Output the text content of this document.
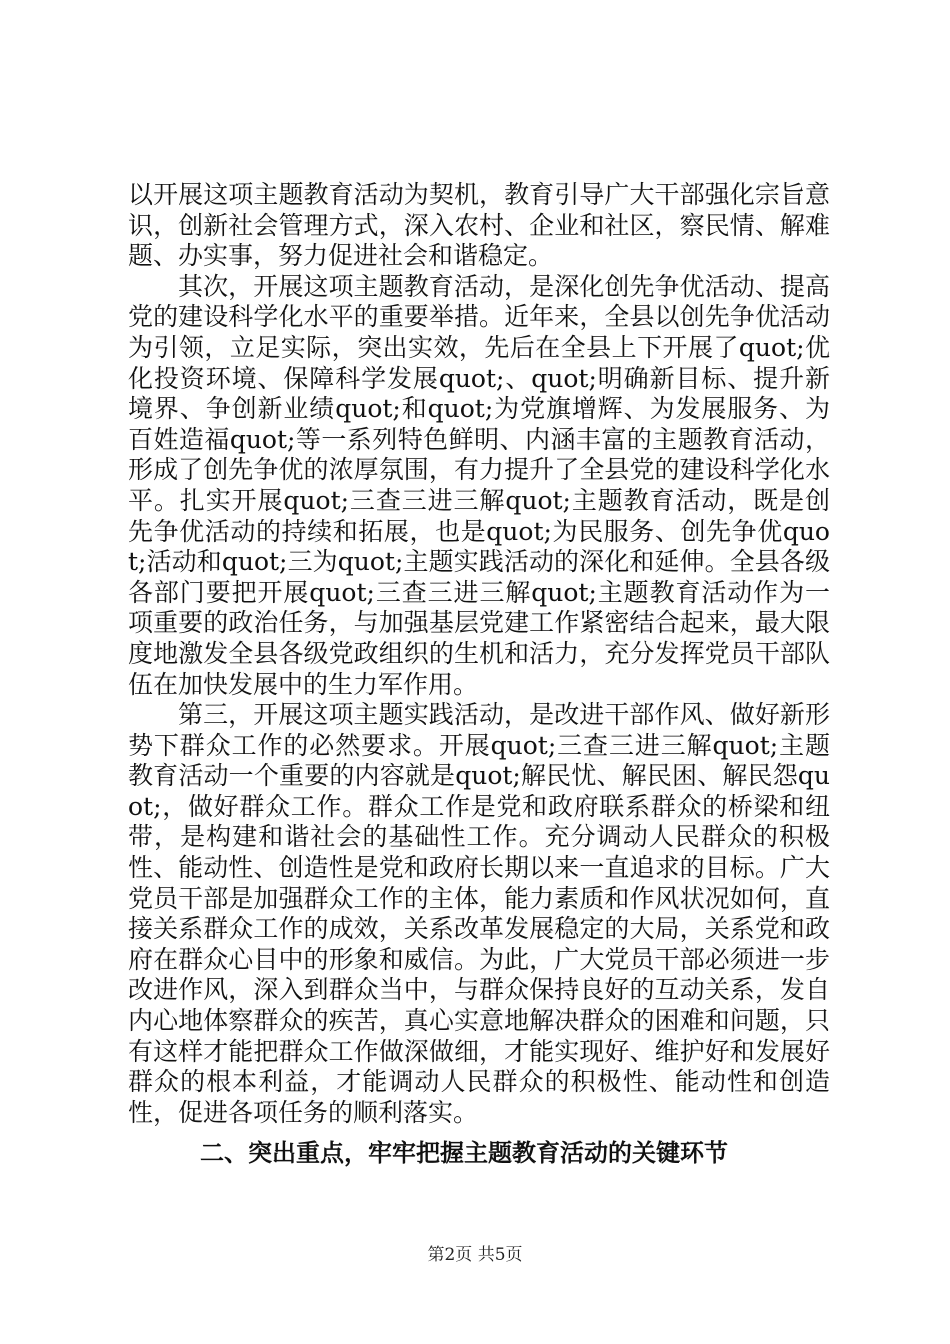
以开展这项主题教育活动为契机，教育引导广大干部强化宗旨意识，创新社会管理方式，深入农村、企业和社区，察民情、解难题、办实事，努力促进社会和谐稳定。

其次，开展这项主题教育活动，是深化创先争优活动、提高党的建设科学化水平的重要举措。近年来，全县以创先争优活动为引领，立足实际，突出实效，先后在全县上下开展了quot;优化投资环境、保障科学发展quot;、quot;明确新目标、提升新境界、争创新业绩quot;和quot;为党旗增辉、为发展服务、为百姓造福quot;等一系列特色鲜明、内涵丰富的主题教育活动，形成了创先争优的浓厚氛围，有力提升了全县党的建设科学化水平。扎实开展quot;三查三进三解quot;主题教育活动，既是创先争优活动的持续和拓展，也是quot;为民服务、创先争优quot;活动和quot;三为quot;主题实践活动的深化和延伸。全县各级各部门要把开展quot;三查三进三解quot;主题教育活动作为一项重要的政治任务，与加强基层党建工作紧密结合起来，最大限度地激发全县各级党政组织的生机和活力，充分发挥党员干部队伍在加快发展中的生力军作用。

第三，开展这项主题实践活动，是改进干部作风、做好新形势下群众工作的必然要求。开展quot;三查三进三解quot;主题教育活动一个重要的内容就是quot;解民忧、解民困、解民怨quot;，做好群众工作。群众工作是党和政府联系群众的桥梁和纽带，是构建和谐社会的基础性工作。充分调动人民群众的积极性、能动性、创造性是党和政府长期以来一直追求的目标。广大党员干部是加强群众工作的主体，能力素质和作风状况如何，直接关系群众工作的成效，关系改革发展稳定的大局，关系党和政府在群众心目中的形象和威信。为此，广大党员干部必须进一步改进作风，深入到群众当中，与群众保持良好的互动关系，发自内心地体察群众的疾苦，真心实意地解决群众的困难和问题，只有这样才能把群众工作做深做细，才能实现好、维护好和发展好群众的根本利益，才能调动人民群众的积极性、能动性和创造性，促进各项任务的顺利落实。

二、突出重点，牢牢把握主题教育活动的关键环节
第2页 共5页
